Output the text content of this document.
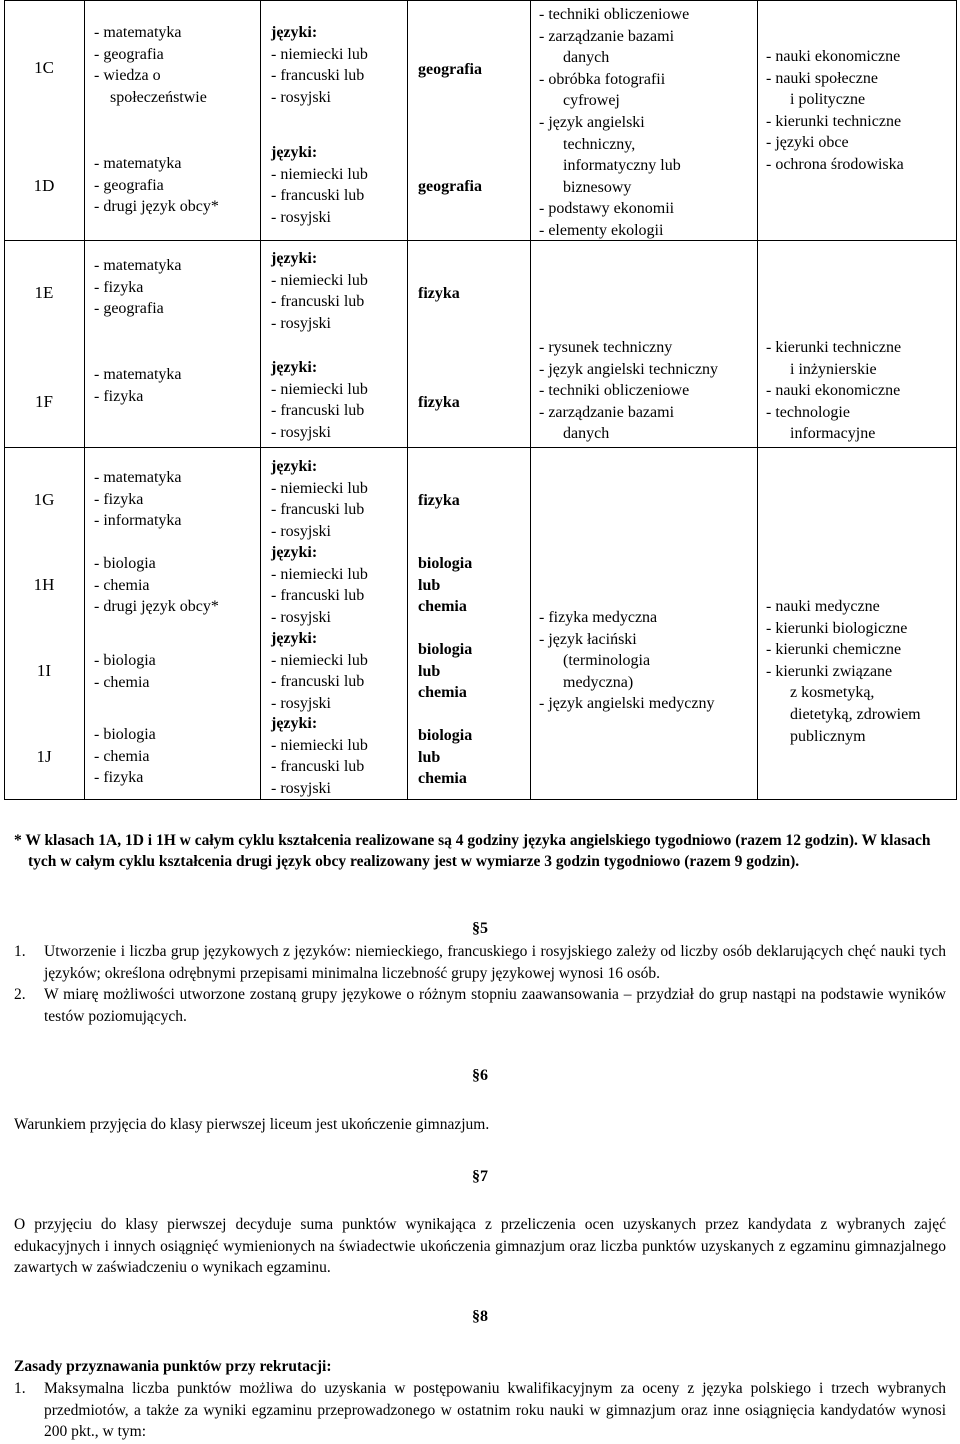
1C
1D
1E
1F
1G
1H
1I
1J
- matematyka
- geografia
- wiedza o
społeczeństwie
- matematyka
- geografia
- drugi język obcy*
- matematyka
- fizyka
- geografia
- matematyka
- fizyka
- matematyka
- fizyka
- informatyka
- biologia
- chemia
- drugi język obcy*
- biologia
- chemia
- biologia
- chemia
- fizyka
języki:
- niemiecki lub
- francuski lub
- rosyjski
języki:
- niemiecki lub
- francuski lub
- rosyjski
języki:
- niemiecki lub
- francuski lub
- rosyjski
języki:
- niemiecki lub
- francuski lub
- rosyjski
języki:
- niemiecki lub
- francuski lub
- rosyjski
języki:
- niemiecki lub
- francuski lub
- rosyjski
języki:
- niemiecki lub
- francuski lub
- rosyjski
języki:
- niemiecki lub
- francuski lub
- rosyjski
geografia
geografia
fizyka
fizyka
fizyka
biologia
lub
chemia
biologia
lub
chemia
biologia
lub
chemia
- techniki obliczeniowe
- zarządzanie bazami
danych
- obróbka fotografii
cyfrowej
- język angielski
techniczny,
informatyczny lub
biznesowy
- podstawy ekonomii
- elementy ekologii
- nauki ekonomiczne
- nauki społeczne
i polityczne
- kierunki techniczne
- języki obce
- ochrona środowiska
- rysunek techniczny
- język angielski techniczny
- techniki obliczeniowe
- zarządzanie bazami
danych
- kierunki techniczne
i inżynierskie
- nauki ekonomiczne
- technologie
informacyjne
- fizyka medyczna
- język łaciński
(terminologia
medyczna)
- język angielski medyczny
- nauki medyczne
- kierunki biologiczne
- kierunki chemiczne
- kierunki związane
z kosmetyką,
dietetyką, zdrowiem
publicznym
* W klasach 1A, 1D i 1H w całym cyklu kształcenia realizowane są 4 godziny języka angielskiego tygodniowo (razem 12 godzin). W klasach tych w całym cyklu kształcenia drugi język obcy realizowany jest w wymiarze 3 godzin tygodniowo (razem 9 godzin).
§5
1. Utworzenie i liczba grup językowych z języków: niemieckiego, francuskiego i rosyjskiego zależy od liczby osób deklarujących chęć nauki tych języków; określona odrębnymi przepisami minimalna liczebność grupy językowej wynosi 16 osób.
2. W miarę możliwości utworzone zostaną grupy językowe o różnym stopniu zaawansowania – przydział do grup nastąpi na podstawie wyników testów poziomujących.
§6
Warunkiem przyjęcia do klasy pierwszej liceum jest ukończenie gimnazjum.
§7
O przyjęciu do klasy pierwszej decyduje suma punktów wynikająca z przeliczenia ocen uzyskanych przez kandydata z wybranych zajęć edukacyjnych i innych osiągnięć wymienionych na świadectwie ukończenia gimnazjum oraz liczba punktów uzyskanych z egzaminu gimnazjalnego zawartych w zaświadczeniu o wynikach egzaminu.
§8
Zasady przyznawania punktów przy rekrutacji:
1. Maksymalna liczba punktów możliwa do uzyskania w postępowaniu kwalifikacyjnym za oceny z języka polskiego i trzech wybranych przedmiotów, a także za wyniki egzaminu przeprowadzonego w ostatnim roku nauki w gimnazjum oraz inne osiągnięcia kandydatów wynosi 200 pkt., w tym:
